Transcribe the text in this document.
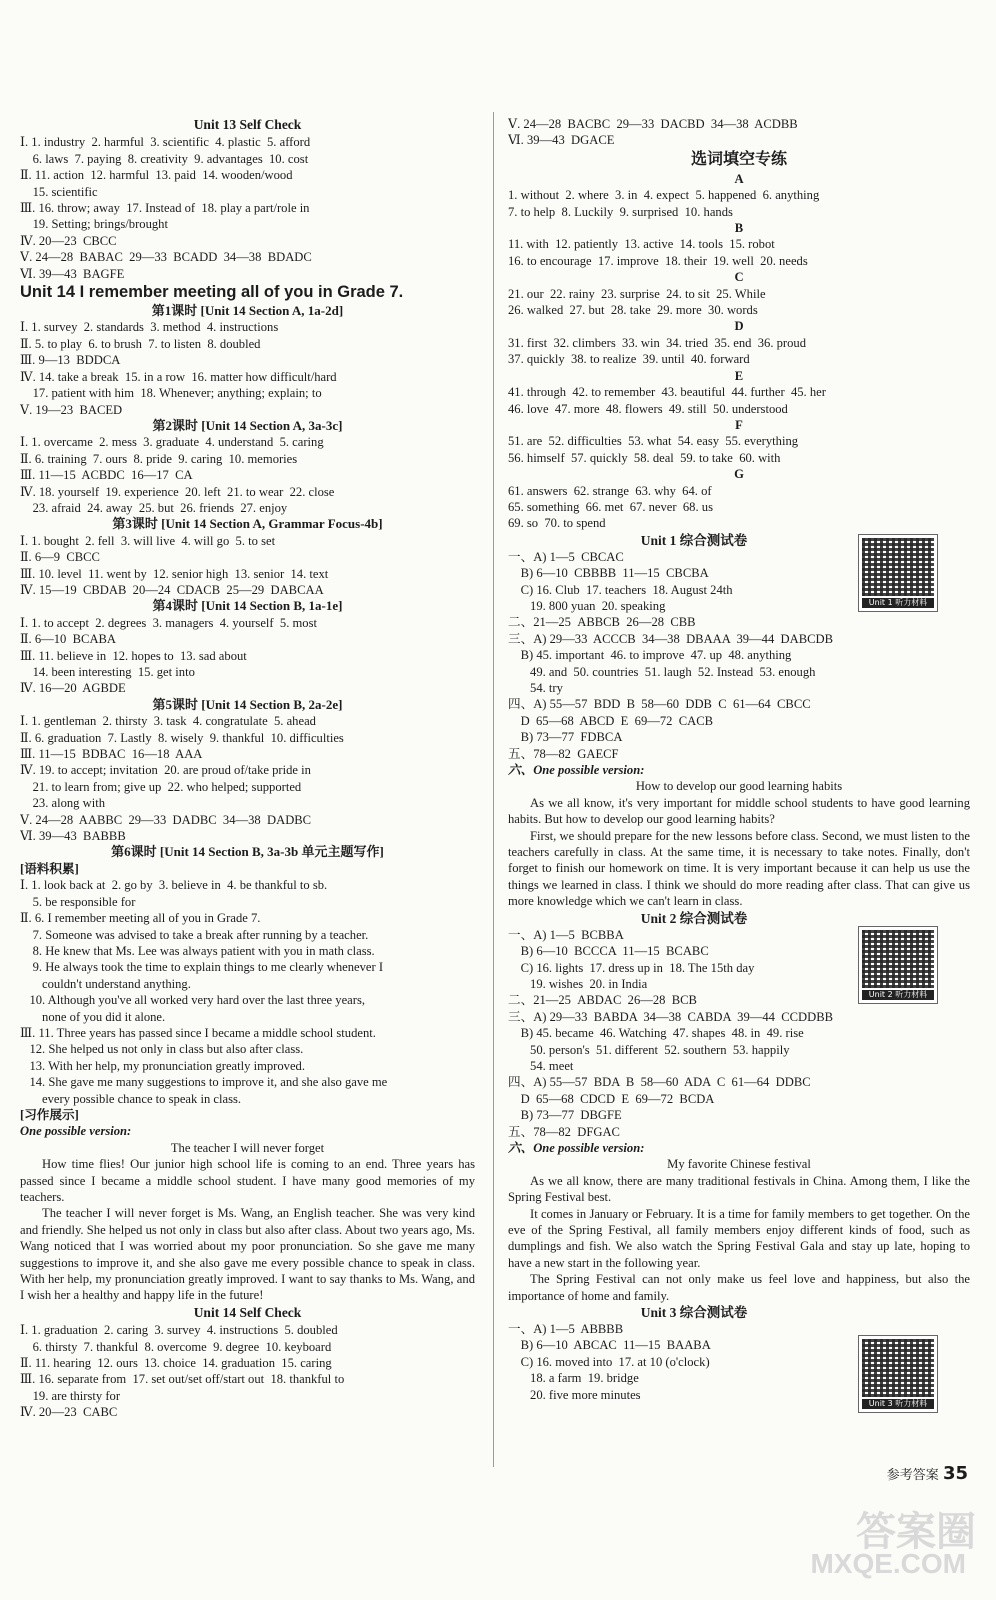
Unit 13 Self Check
Ⅰ. 1. industry  2. harmful  3. scientific  4. plastic  5. afford
6. laws  7. paying  8. creativity  9. advantages  10. cost
Ⅱ. 11. action  12. harmful  13. paid  14. wooden/wood
15. scientific
Ⅲ. 16. throw; away  17. Instead of  18. play a part/role in
19. Setting; brings/brought
Ⅳ. 20—23  CBCC
Ⅴ. 24—28  BABAC  29—33  BCADD  34—38  BDADC
Ⅵ. 39—43  BAGFE
Unit 14 I remember meeting all of you in Grade 7.
第1课时 [Unit 14 Section A, 1a-2d]
Ⅰ. 1. survey  2. standards  3. method  4. instructions
Ⅱ. 5. to play  6. to brush  7. to listen  8. doubled
Ⅲ. 9—13  BDDCA
Ⅳ. 14. take a break  15. in a row  16. matter how difficult/hard
17. patient with him  18. Whenever; anything; explain; to
Ⅴ. 19—23  BACED
第2课时 [Unit 14 Section A, 3a-3c]
Ⅰ. 1. overcame  2. mess  3. graduate  4. understand  5. caring
Ⅱ. 6. training  7. ours  8. pride  9. caring  10. memories
Ⅲ. 11—15  ACBDC  16—17  CA
Ⅳ. 18. yourself  19. experience  20. left  21. to wear  22. close
23. afraid  24. away  25. but  26. friends  27. enjoy
第3课时 [Unit 14 Section A, Grammar Focus-4b]
Ⅰ. 1. bought  2. fell  3. will live  4. will go  5. to set
Ⅱ. 6—9  CBCC
Ⅲ. 10. level  11. went by  12. senior high  13. senior  14. text
Ⅳ. 15—19  CBDAB  20—24  CDACB  25—29  DABCAA
第4课时 [Unit 14 Section B, 1a-1e]
Ⅰ. 1. to accept  2. degrees  3. managers  4. yourself  5. most
Ⅱ. 6—10  BCABA
Ⅲ. 11. believe in  12. hopes to  13. sad about
14. been interesting  15. get into
Ⅳ. 16—20  AGBDE
第5课时 [Unit 14 Section B, 2a-2e]
Ⅰ. 1. gentleman  2. thirsty  3. task  4. congratulate  5. ahead
Ⅱ. 6. graduation  7. Lastly  8. wisely  9. thankful  10. difficulties
Ⅲ. 11—15  BDBAC  16—18  AAA
Ⅳ. 19. to accept; invitation  20. are proud of/take pride in
21. to learn from; give up  22. who helped; supported
23. along with
Ⅴ. 24—28  AABBC  29—33  DADBC  34—38  DADBC
Ⅵ. 39—43  BABBB
第6课时 [Unit 14 Section B, 3a-3b 单元主题写作]
[语料积累]
Ⅰ. 1. look back at  2. go by  3. believe in  4. be thankful to sb.
5. be responsible for
Ⅱ. 6. I remember meeting all of you in Grade 7.
7. Someone was advised to take a break after running by a teacher.
8. He knew that Ms. Lee was always patient with you in math class.
9. He always took the time to explain things to me clearly whenever I
couldn't understand anything.
10. Although you've all worked very hard over the last three years,
none of you did it alone.
Ⅲ. 11. Three years has passed since I became a middle school student.
12. She helped us not only in class but also after class.
13. With her help, my pronunciation greatly improved.
14. She gave me many suggestions to improve it, and she also gave me
every possible chance to speak in class.
[习作展示]
One possible version:
The teacher I will never forget
How time flies! Our junior high school life is coming to an end. Three years has passed since I became a middle school student. I have many good memories of my teachers.
The teacher I will never forget is Ms. Wang, an English teacher. She was very kind and friendly. She helped us not only in class but also after class. About two years ago, Ms. Wang noticed that I was worried about my poor pronunciation. So she gave me many suggestions to improve it, and she also gave me every possible chance to speak in class. With her help, my pronunciation greatly improved. I want to say thanks to Ms. Wang, and I wish her a healthy and happy life in the future!
Unit 14 Self Check
Ⅰ. 1. graduation  2. caring  3. survey  4. instructions  5. doubled
6. thirsty  7. thankful  8. overcome  9. degree  10. keyboard
Ⅱ. 11. hearing  12. ours  13. choice  14. graduation  15. caring
Ⅲ. 16. separate from  17. set out/set off/start out  18. thankful to
19. are thirsty for
Ⅳ. 20—23  CABC
Ⅴ. 24—28  BACBC  29—33  DACBD  34—38  ACDBB
Ⅵ. 39—43  DGACE
选词填空专练
A
1. without  2. where  3. in  4. expect  5. happened  6. anything
7. to help  8. Luckily  9. surprised  10. hands
B
11. with  12. patiently  13. active  14. tools  15. robot
16. to encourage  17. improve  18. their  19. well  20. needs
C
21. our  22. rainy  23. surprise  24. to sit  25. While
26. walked  27. but  28. take  29. more  30. words
D
31. first  32. climbers  33. win  34. tried  35. end  36. proud
37. quickly  38. to realize  39. until  40. forward
E
41. through  42. to remember  43. beautiful  44. further  45. her
46. love  47. more  48. flowers  49. still  50. understood
F
51. are  52. difficulties  53. what  54. easy  55. everything
56. himself  57. quickly  58. deal  59. to take  60. with
G
61. answers  62. strange  63. why  64. of
65. something  66. met  67. never  68. us
69. so  70. to spend
Unit 1 综合测试卷
一、A) 1—5  CBCAC
B) 6—10  CBBBB  11—15  CBCBA
C) 16. Club  17. teachers  18. August 24th
19. 800 yuan  20. speaking
二、21—25  ABBCB  26—28  CBB
三、A) 29—33  ACCCB  34—38  DBAAA  39—44  DABCDB
B) 45. important  46. to improve  47. up  48. anything
49. and  50. countries  51. laugh  52. Instead  53. enough
54. try
四、A) 55—57  BDD  B  58—60  DDB  C  61—64  CBCC
D  65—68  ABCD  E  69—72  CACB
B) 73—77  FDBCA
五、78—82  GAECF
六、One possible version:
How to develop our good learning habits
As we all know, it's very important for middle school students to have good learning habits. But how to develop our good learning habits?
First, we should prepare for the new lessons before class. Second, we must listen to the teachers carefully in class. At the same time, it is necessary to take notes. Finally, don't forget to finish our homework on time. It is very important because it can help us use the things we learned in class. I think we should do more reading after class. That can give us more knowledge which we can't learn in class.
Unit 2 综合测试卷
一、A) 1—5  BCBBA
B) 6—10  BCCCA  11—15  BCABC
C) 16. lights  17. dress up in  18. The 15th day
19. wishes  20. in India
二、21—25  ABDAC  26—28  BCB
三、A) 29—33  BABDA  34—38  CABDA  39—44  CCDDBB
B) 45. became  46. Watching  47. shapes  48. in  49. rise
50. person's  51. different  52. southern  53. happily
54. meet
四、A) 55—57  BDA  B  58—60  ADA  C  61—64  DDBC
D  65—68  CDCD  E  69—72  BCDA
B) 73—77  DBGFE
五、78—82  DFGAC
六、One possible version:
My favorite Chinese festival
As we all know, there are many traditional festivals in China. Among them, I like the Spring Festival best.
It comes in January or February. It is a time for family members to get together. On the eve of the Spring Festival, all family members enjoy different kinds of food, such as dumplings and fish. We also watch the Spring Festival Gala and stay up late, hoping to have a new start in the following year.
The Spring Festival can not only make us feel love and happiness, but also the importance of home and family.
Unit 3 综合测试卷
一、A) 1—5  ABBBB
B) 6—10  ABCAC  11—15  BAABA
C) 16. moved into  17. at 10 (o'clock)
18. a farm  19. bridge
20. five more minutes
Unit 1 听力材料
Unit 2 听力材料
Unit 3 听力材料
参考答案 35
答案圈
MXQE.COM
